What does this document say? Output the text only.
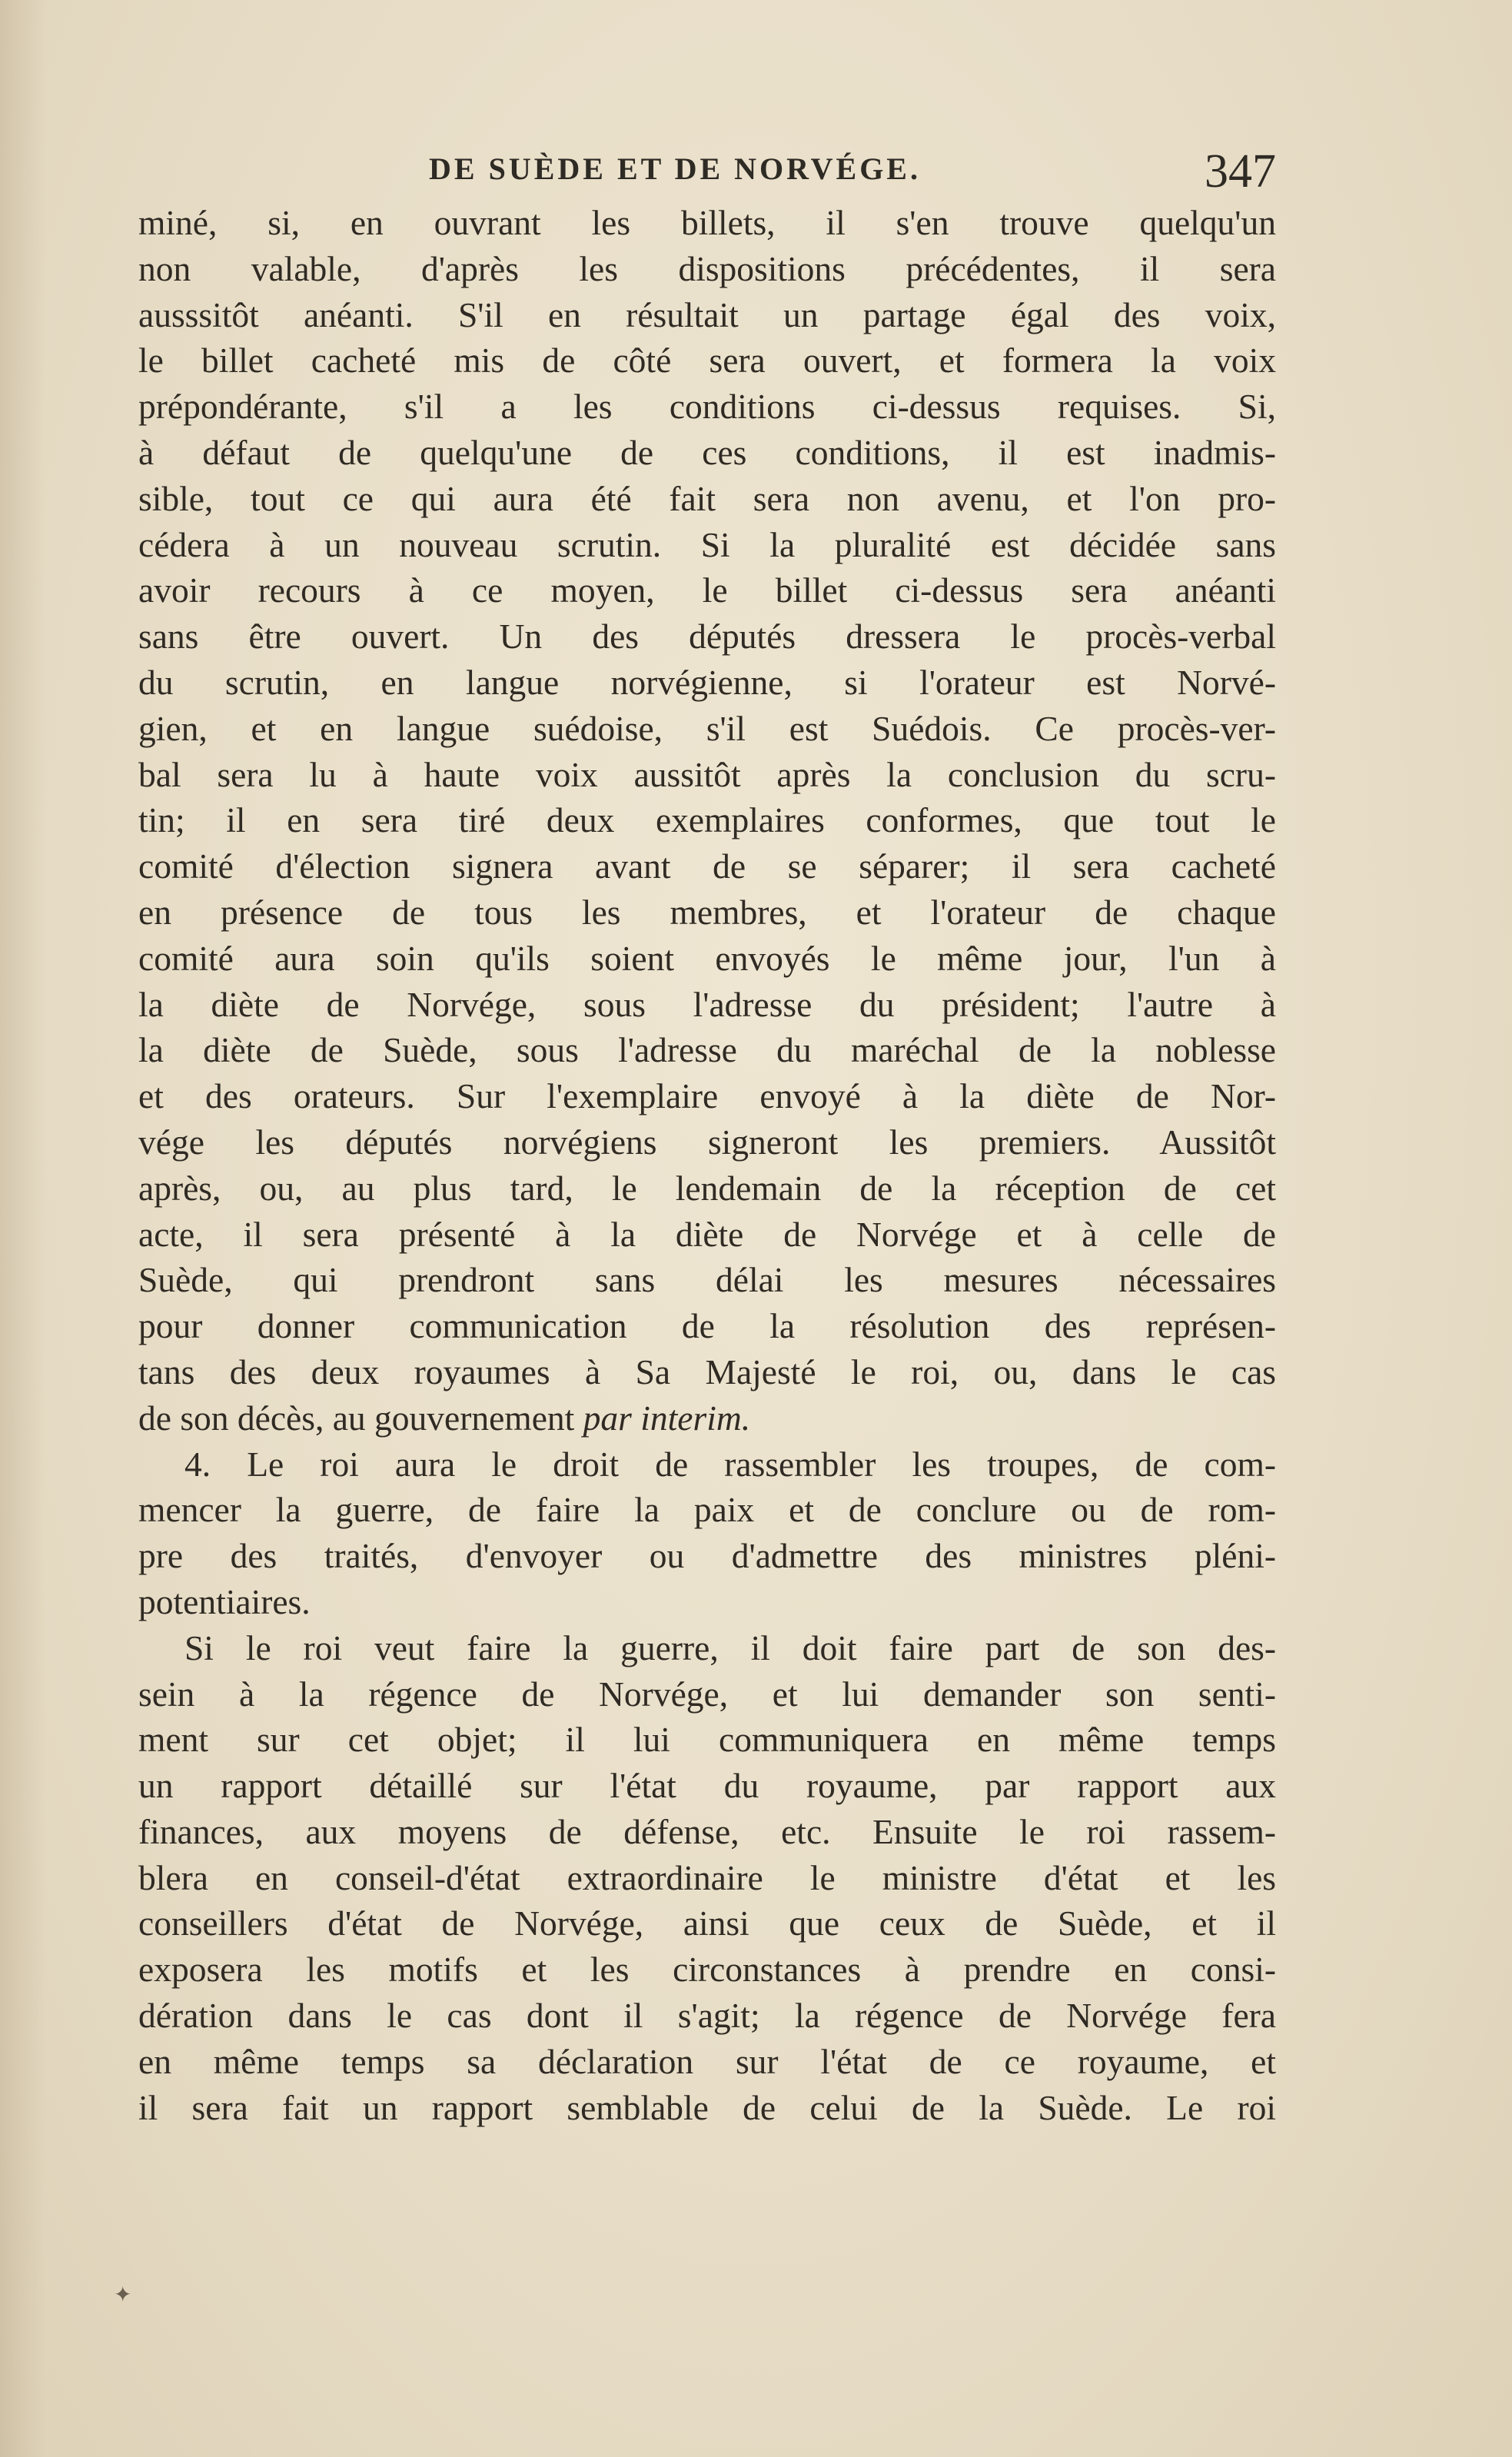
DE SUÈDE ET DE NORVÉGE.	347
miné, si, en ouvrant les billets, il s'en trouve quelqu'un
non valable, d'après les dispositions précédentes, il sera
ausssitôt anéanti. S'il en résultait un partage égal des voix,
le billet cacheté mis de côté sera ouvert, et formera la voix
prépondérante, s'il a les conditions ci-dessus requises. Si,
à défaut de quelqu'une de ces conditions, il est inadmis-
sible, tout ce qui aura été fait sera non avenu, et l'on pro-
cédera à un nouveau scrutin. Si la pluralité est décidée sans
avoir recours à ce moyen, le billet ci-dessus sera anéanti
sans être ouvert. Un des députés dressera le procès-verbal
du scrutin, en langue norvégienne, si l'orateur est Norvé-
gien, et en langue suédoise, s'il est Suédois. Ce procès-ver-
bal sera lu à haute voix aussitôt après la conclusion du scru-
tin; il en sera tiré deux exemplaires conformes, que tout le
comité d'élection signera avant de se séparer; il sera cacheté
en présence de tous les membres, et l'orateur de chaque
comité aura soin qu'ils soient envoyés le même jour, l'un à
la diète de Norvége, sous l'adresse du président; l'autre à
la diète de Suède, sous l'adresse du maréchal de la noblesse
et des orateurs. Sur l'exemplaire envoyé à la diète de Nor-
vége les députés norvégiens signeront les premiers. Aussitôt
après, ou, au plus tard, le lendemain de la réception de cet
acte, il sera présenté à la diète de Norvége et à celle de
Suède, qui prendront sans délai les mesures nécessaires
pour donner communication de la résolution des représen-
tans des deux royaumes à Sa Majesté le roi, ou, dans le cas
de son décès, au gouvernement par interim.
4. Le roi aura le droit de rassembler les troupes, de com-
mencer la guerre, de faire la paix et de conclure ou de rom-
pre des traités, d'envoyer ou d'admettre des ministres pléni-
potentiaires.
Si le roi veut faire la guerre, il doit faire part de son des-
sein à la régence de Norvége, et lui demander son senti-
ment sur cet objet; il lui communiquera en même temps
un rapport détaillé sur l'état du royaume, par rapport aux
finances, aux moyens de défense, etc. Ensuite le roi rassem-
blera en conseil-d'état extraordinaire le ministre d'état et les
conseillers d'état de Norvége, ainsi que ceux de Suède, et il
exposera les motifs et les circonstances à prendre en consi-
dération dans le cas dont il s'agit; la régence de Norvége fera
en même temps sa déclaration sur l'état de ce royaume, et
il sera fait un rapport semblable de celui de la Suède. Le roi
✦
